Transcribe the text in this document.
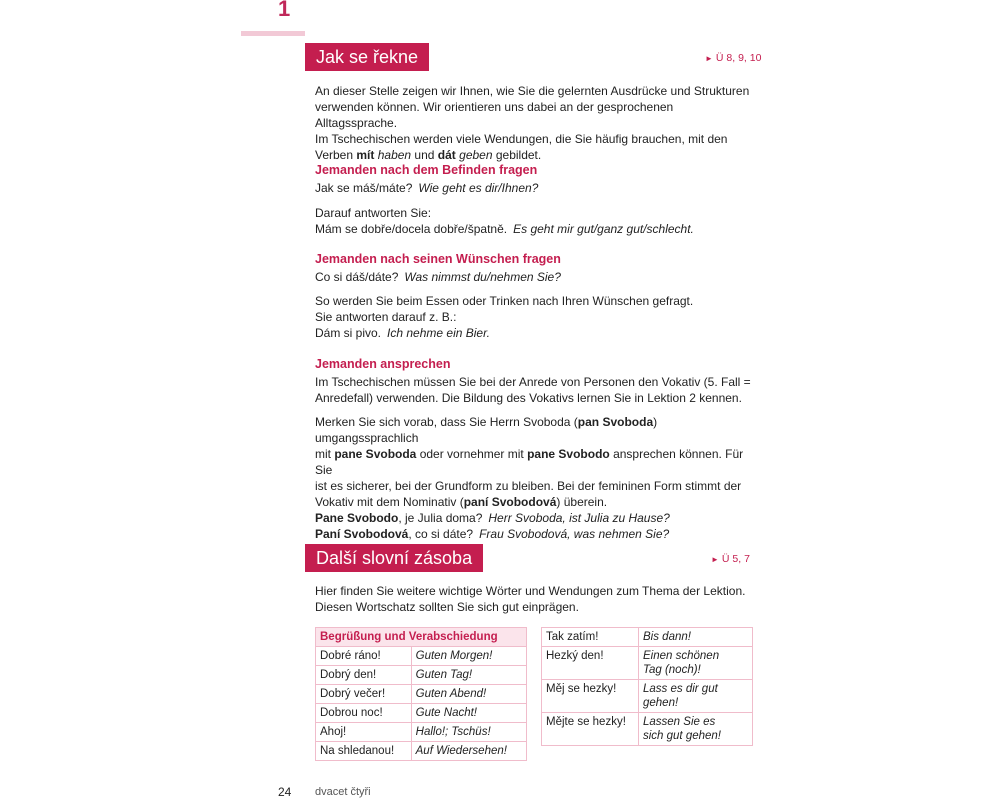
1
Jak se řekne	► Ü 8, 9, 10

An dieser Stelle zeigen wir Ihnen, wie Sie die gelernten Ausdrücke und Strukturen

verwenden können. Wir orientieren uns dabei an der gesprochenen Alltagssprache.

Im Tschechischen werden viele Wendungen, die Sie häufig brauchen, mit den

Verben mít haben und dát geben gebildet.

Jemanden nach dem Befinden fragen

Jak se máš/máte? Wie geht es dir/Ihnen?

Darauf antworten Sie:

Mám se dobře/docela dobře/špatně. Es geht mir gut/ganz gut/schlecht.

Jemanden nach seinen Wünschen fragen

Co si dáš/dáte? Was nimmst du/nehmen Sie?

So werden Sie beim Essen oder Trinken nach Ihren Wünschen gefragt.

Sie antworten darauf z. B.:

Dám si pivo. Ich nehme ein Bier.

Jemanden ansprechen

Im Tschechischen müssen Sie bei der Anrede von Personen den Vokativ (5. Fall =

Anredefall) verwenden. Die Bildung des Vokativs lernen Sie in Lektion 2 kennen.

Merken Sie sich vorab, dass Sie Herrn Svoboda (pan Svoboda) umgangssprachlich

mit pane Svoboda oder vornehmer mit pane Svobodo ansprechen können. Für Sie

ist es sicherer, bei der Grundform zu bleiben. Bei der femininen Form stimmt der

Vokativ mit dem Nominativ (paní Svobodová) überein.

Pane Svobodo, je Julia doma? Herr Svoboda, ist Julia zu Hause?

Paní Svobodová, co si dáte? Frau Svobodová, was nehmen Sie?

Další slovní zásoba	► Ü 5, 7

Hier finden Sie weitere wichtige Wörter und Wendungen zum Thema der Lektion.

Diesen Wortschatz sollten Sie sich gut einprägen.

Begrüßung und Verabschiedung	
Dobré ráno!	Guten Morgen!
Dobrý den!	Guten Tag!
Dobrý večer!	Guten Abend!
Dobrou noc!	Gute Nacht!
Ahoj!	Hallo!; Tschüs!
Na shledanou!	Auf Wiedersehen!
Tak zatím!	Bis dann!
Hezký den!	Einen schönen
Tag (noch)!
Měj se hezky!	Lass es dir gut
gehen!
Mějte se hezky!	Lassen Sie es
sich gut gehen!
24 dvacet čtyři
